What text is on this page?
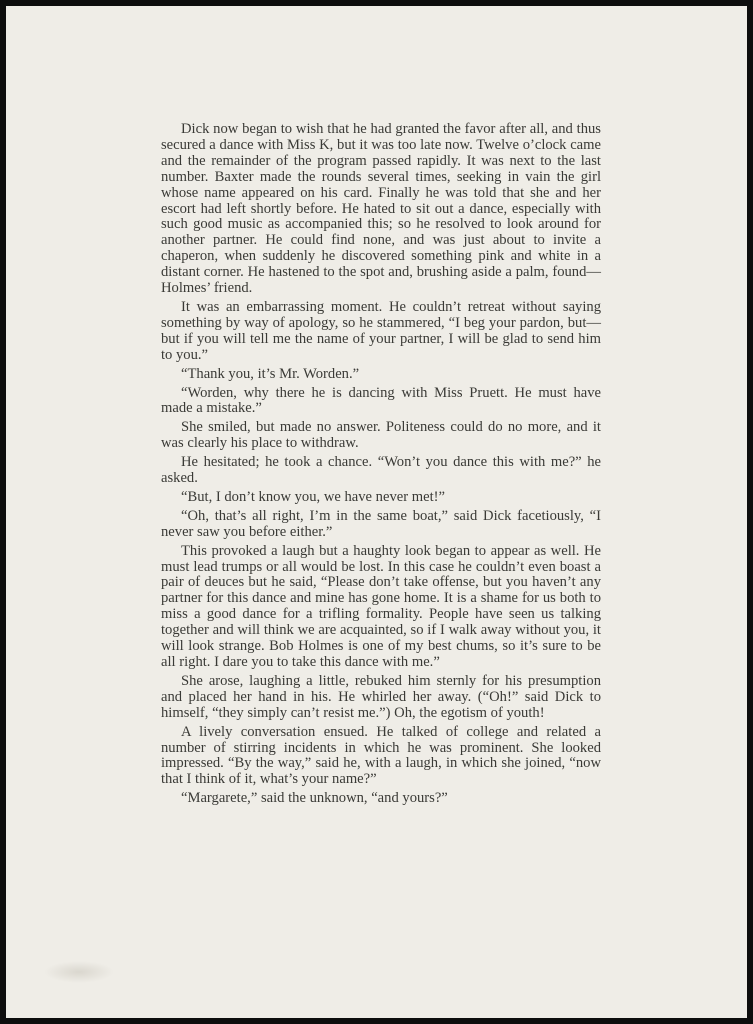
Dick now began to wish that he had granted the favor after all, and thus secured a dance with Miss K, but it was too late now. Twelve o’clock came and the remainder of the program passed rapidly. It was next to the last number. Baxter made the rounds several times, seeking in vain the girl whose name appeared on his card. Finally he was told that she and her escort had left shortly before. He hated to sit out a dance, especially with such good music as accompanied this; so he resolved to look around for another partner. He could find none, and was just about to invite a chaperon, when suddenly he discovered something pink and white in a distant corner. He hastened to the spot and, brushing aside a palm, found—Holmes’ friend.

It was an embarrassing moment. He couldn’t retreat without saying something by way of apology, so he stammered, “I beg your pardon, but—but if you will tell me the name of your partner, I will be glad to send him to you.”

“Thank you, it’s Mr. Worden.”

“Worden, why there he is dancing with Miss Pruett. He must have made a mistake.”

She smiled, but made no answer. Politeness could do no more, and it was clearly his place to withdraw.

He hesitated; he took a chance. “Won’t you dance this with me?” he asked.

“But, I don’t know you, we have never met!”

“Oh, that’s all right, I’m in the same boat,” said Dick facetiously, “I never saw you before either.”

This provoked a laugh but a haughty look began to appear as well. He must lead trumps or all would be lost. In this case he couldn’t even boast a pair of deuces but he said, “Please don’t take offense, but you haven’t any partner for this dance and mine has gone home. It is a shame for us both to miss a good dance for a trifling formality. People have seen us talking together and will think we are acquainted, so if I walk away without you, it will look strange. Bob Holmes is one of my best chums, so it’s sure to be all right. I dare you to take this dance with me.”

She arose, laughing a little, rebuked him sternly for his presumption and placed her hand in his. He whirled her away. (“Oh!” said Dick to himself, “they simply can’t resist me.”) Oh, the egotism of youth!

A lively conversation ensued. He talked of college and related a number of stirring incidents in which he was prominent. She looked impressed. “By the way,” said he, with a laugh, in which she joined, “now that I think of it, what’s your name?”

“Margarete,” said the unknown, “and yours?”
